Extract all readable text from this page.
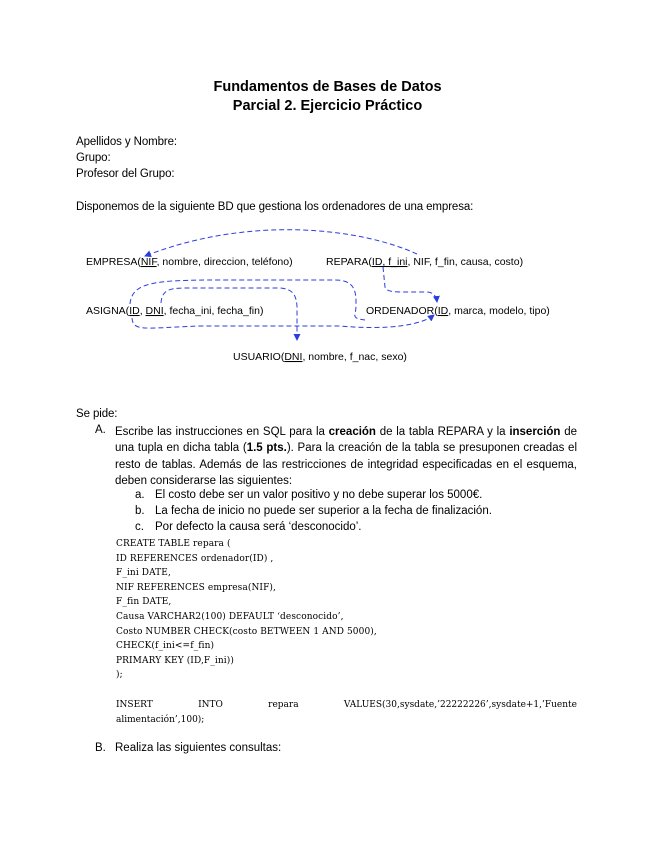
Fundamentos de Bases de Datos
Parcial 2. Ejercicio Práctico
Apellidos y Nombre:
Grupo:
Profesor del Grupo:
Disponemos de la siguiente BD que gestiona los ordenadores de una empresa:
EMPRESA(NIF, nombre, direccion, teléfono)	REPARA(ID, f_ini, NIF, f_fin, causa, costo)
ASIGNA(ID, DNI, fecha_ini, fecha_fin)	ORDENADOR(ID, marca, modelo, tipo)
USUARIO(DNI, nombre, f_nac, sexo)
Se pide:
A. Escribe las instrucciones en SQL para la creación de la tabla REPARA y la inserción de una tupla en dicha tabla (1.5 pts.). Para la creación de la tabla se presuponen creadas el resto de tablas. Además de las restricciones de integridad especificadas en el esquema, deben considerarse las siguientes:
a. El costo debe ser un valor positivo y no debe superar los 5000€.
b. La fecha de inicio no puede ser superior a la fecha de finalización.
c. Por defecto la causa será ‘desconocido’.
CREATE TABLE repara (
ID REFERENCES ordenador(ID) ,
F_ini DATE,
NIF REFERENCES empresa(NIF),
F_fin DATE,
Causa VARCHAR2(100) DEFAULT ‘desconocido’,
Costo NUMBER CHECK(costo BETWEEN 1 AND 5000),
CHECK(f_ini<=f_fin)
PRIMARY KEY (ID,F_ini))
);
INSERT	INTO	repara	VALUES(30,sysdate,’22222226’,sysdate+1,’Fuente
alimentación’,100);
B. Realiza las siguientes consultas:
